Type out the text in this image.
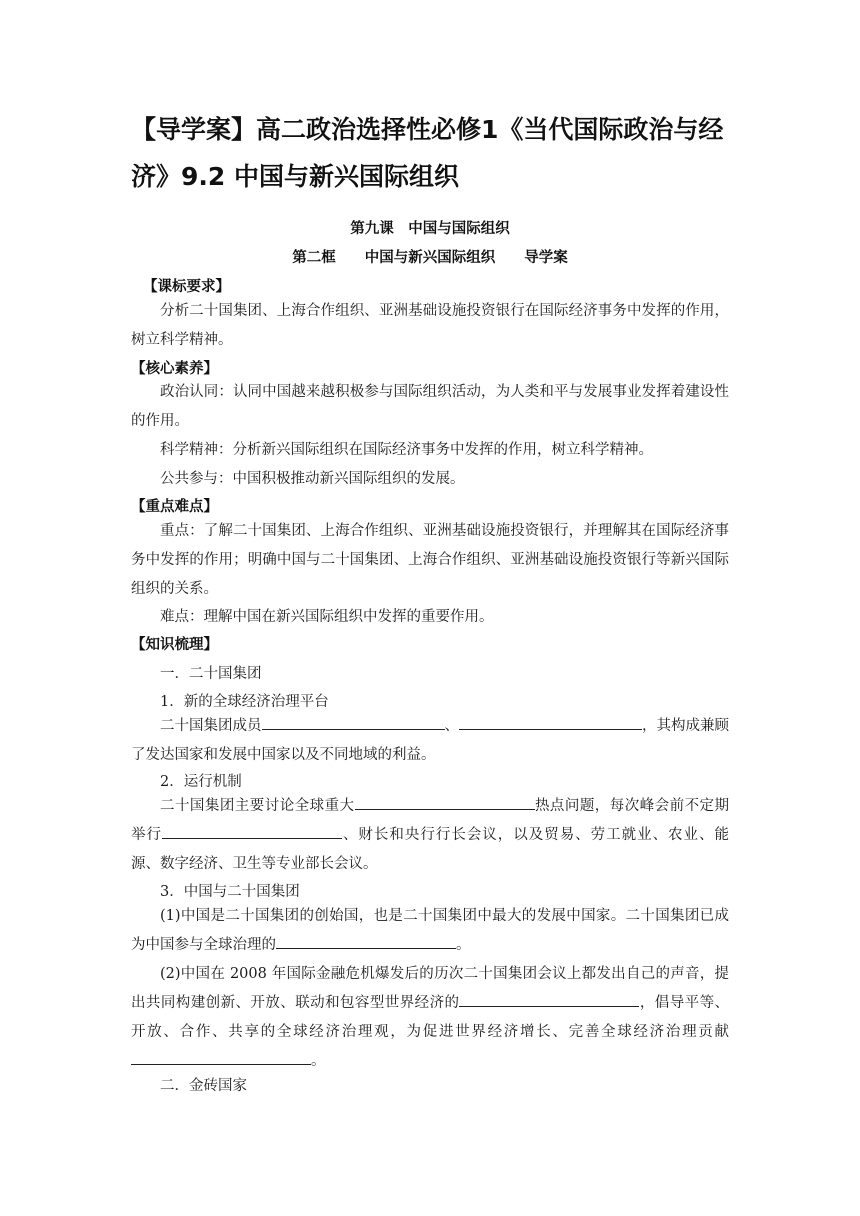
【导学案】高二政治选择性必修1《当代国际政治与经济》9.2 中国与新兴国际组织
第九课　中国与国际组织
第二框　　中国与新兴国际组织　　导学案
【课标要求】

分析二十国集团、上海合作组织、亚洲基础设施投资银行在国际经济事务中发挥的作用，树立科学精神。

【核心素养】

政治认同：认同中国越来越积极参与国际组织活动，为人类和平与发展事业发挥着建设性的作用。

科学精神：分析新兴国际组织在国际经济事务中发挥的作用，树立科学精神。

公共参与：中国积极推动新兴国际组织的发展。

【重点难点】

重点：了解二十国集团、上海合作组织、亚洲基础设施投资银行，并理解其在国际经济事务中发挥的作用；明确中国与二十国集团、上海合作组织、亚洲基础设施投资银行等新兴国际组织的关系。

难点：理解中国在新兴国际组织中发挥的重要作用。

【知识梳理】
一．二十国集团
1．新的全球经济治理平台

二十国集团成员	、	，其构成兼顾了发达国家和发展中国家以及不同地域的利益。

2．运行机制

二十国集团主要讨论全球重大	热点问题，每次峰会前不定期举行	、财长和央行行长会议，以及贸易、劳工就业、农业、能源、数字经济、卫生等专业部长会议。

3．中国与二十国集团

(1)中国是二十国集团的创始国，也是二十国集团中最大的发展中国家。二十国集团已成为中国参与全球治理的	。

(2)中国在 2008 年国际金融危机爆发后的历次二十国集团会议上都发出自己的声音，提出共同构建创新、开放、联动和包容型世界经济的	，倡导平等、开放、合作、共享的全球经济治理观，为促进世界经济增长、完善全球经济治理贡献。

二．金砖国家
